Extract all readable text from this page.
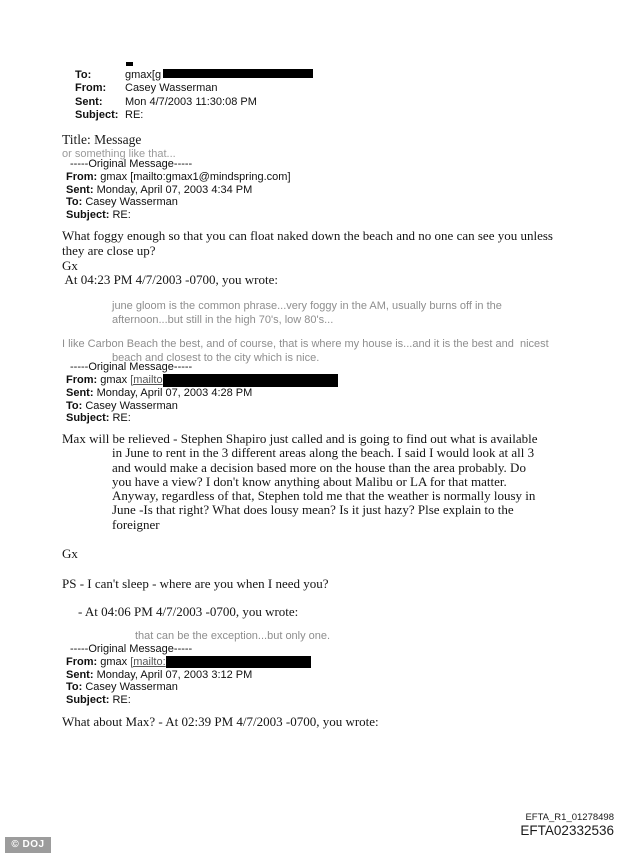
To:	gmax[g
From:	Casey Wasserman
Sent:	Mon 4/7/2003 11:30:08 PM
Subject: RE:
Title: Message
or something like that...
-----Original Message-----
From: gmax [mailto:gmax1@mindspring.com]
Sent: Monday, April 07, 2003 4:34 PM
To: Casey Wasserman
Subject: RE:
What foggy enough so that you can float naked down the beach and no one can see you unless
they are close up?
Gx
At 04:23 PM 4/7/2003 -0700, you wrote:
june gloom is the common phrase...very foggy in the AM, usually burns off in the
afternoon...but still in the high 70's, low 80's...
I like Carbon Beach the best, and of course, that is where my house is...and it is the best and  nicest
beach and closest to the city which is nice.
-----Original Message-----
From: gmax [mailto
Sent: Monday, April 07, 2003 4:28 PM
To: Casey Wasserman
Subject: RE:
Max will be relieved - Stephen Shapiro just called and is going to find out what is available
in June to rent in the 3 different areas along the beach. I said I would look at all 3
and would make a decision based more on the house than the area probably. Do
you have a view? I don't know anything about Malibu or LA for that matter.
Anyway, regardless of that, Stephen told me that the weather is normally lousy in
June -Is that right? What does lousy mean? Is it just hazy? Plse explain to the
foreigner
Gx
PS - I can't sleep - where are you when I need you?
- At 04:06 PM 4/7/2003 -0700, you wrote:
that can be the exception...but only one.
-----Original Message-----
From: gmax [mailto:
Sent: Monday, April 07, 2003 3:12 PM
To: Casey Wasserman
Subject: RE:
What about Max? - At 02:39 PM 4/7/2003 -0700, you wrote:
EFTA_R1_01278498
EFTA02332536
© DOJ
